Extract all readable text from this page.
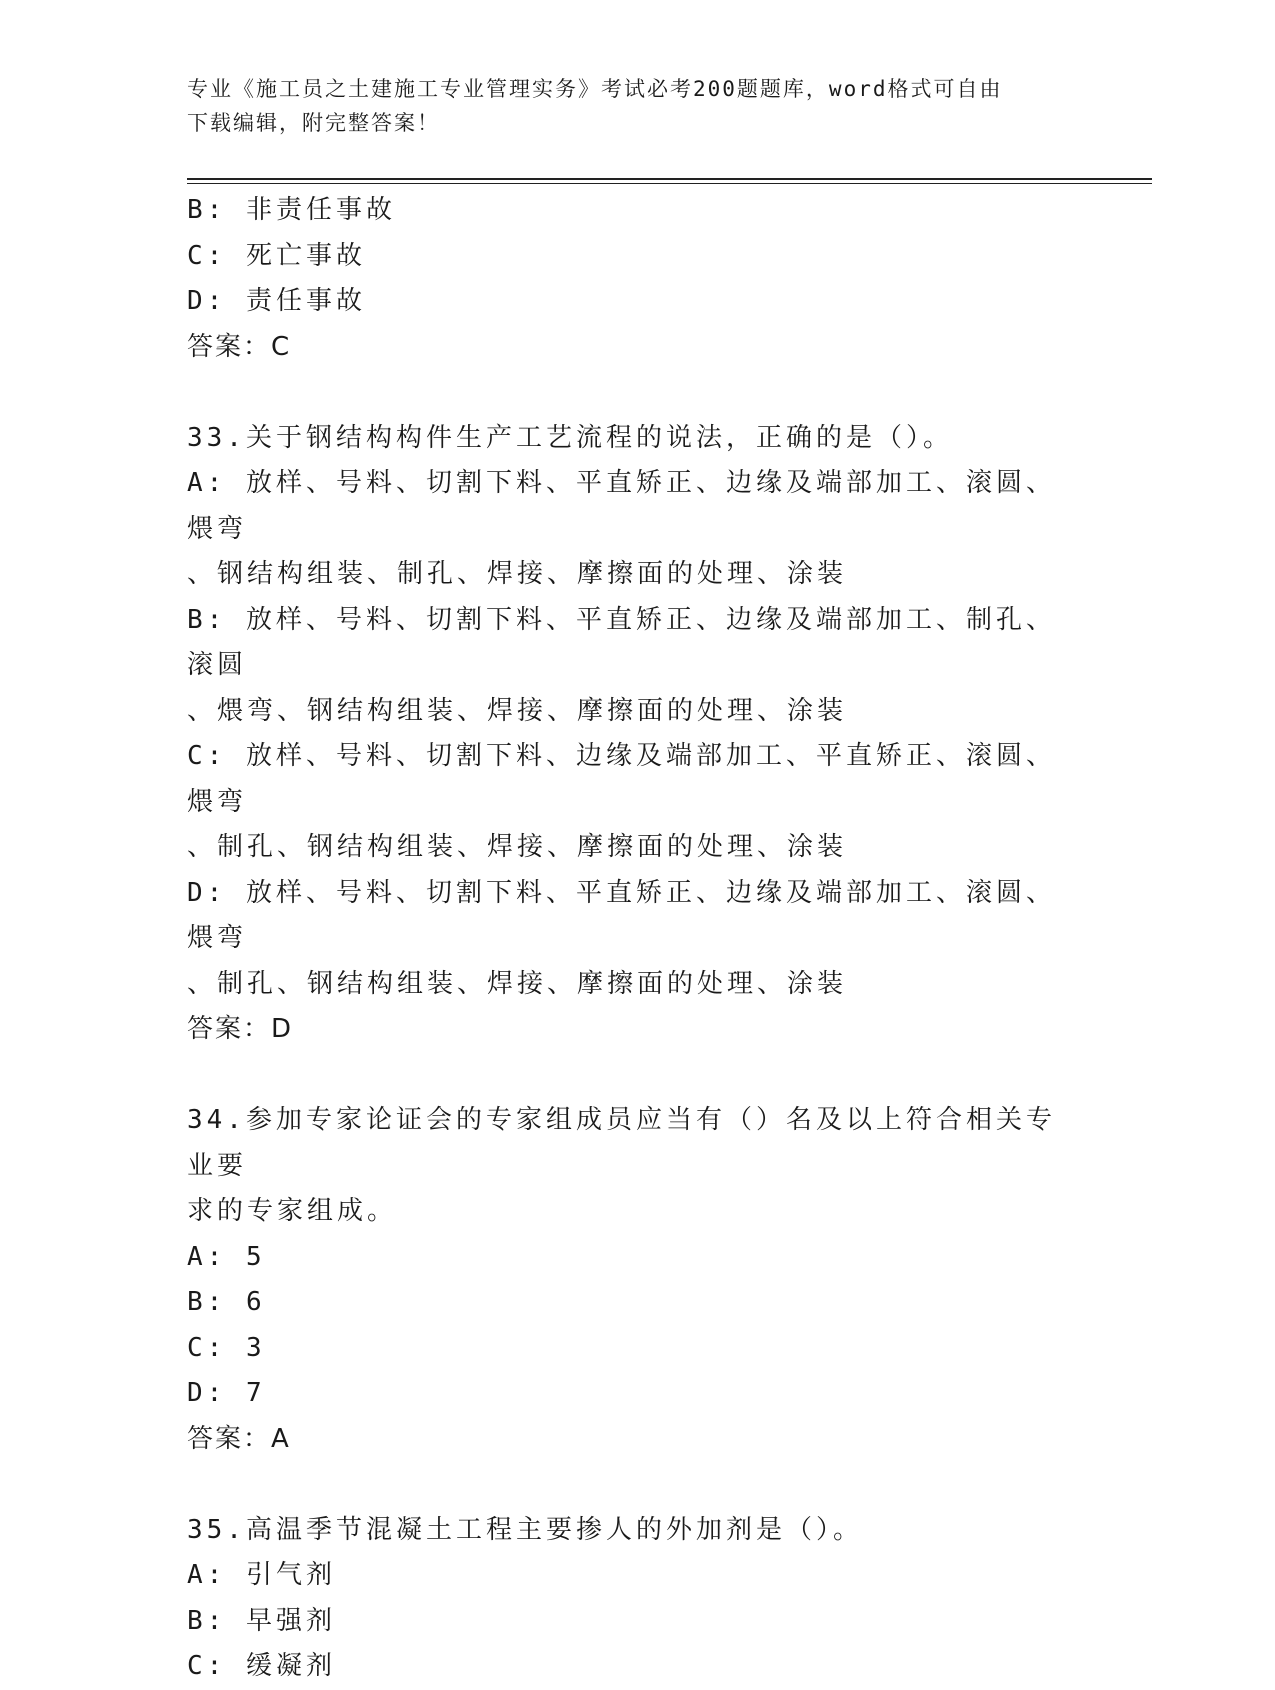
专业《施工员之土建施工专业管理实务》考试必考200题题库，word格式可自由
下载编辑，附完整答案！
B: 非责任事故
C: 死亡事故
D: 责任事故
答案：C
33.关于钢结构构件生产工艺流程的说法，正确的是（）。
A: 放样、号料、切割下料、平直矫正、边缘及端部加工、滚圆、煨弯
、钢结构组装、制孔、焊接、摩擦面的处理、涂装
B: 放样、号料、切割下料、平直矫正、边缘及端部加工、制孔、滚圆
、煨弯、钢结构组装、焊接、摩擦面的处理、涂装
C: 放样、号料、切割下料、边缘及端部加工、平直矫正、滚圆、煨弯
、制孔、钢结构组装、焊接、摩擦面的处理、涂装
D: 放样、号料、切割下料、平直矫正、边缘及端部加工、滚圆、煨弯
、制孔、钢结构组装、焊接、摩擦面的处理、涂装
答案：D
34.参加专家论证会的专家组成员应当有（）名及以上符合相关专业要
求的专家组成。
A: 5
B: 6
C: 3
D: 7
答案：A
35.高温季节混凝土工程主要掺人的外加剂是（）。
A: 引气剂
B: 早强剂
C: 缓凝剂
